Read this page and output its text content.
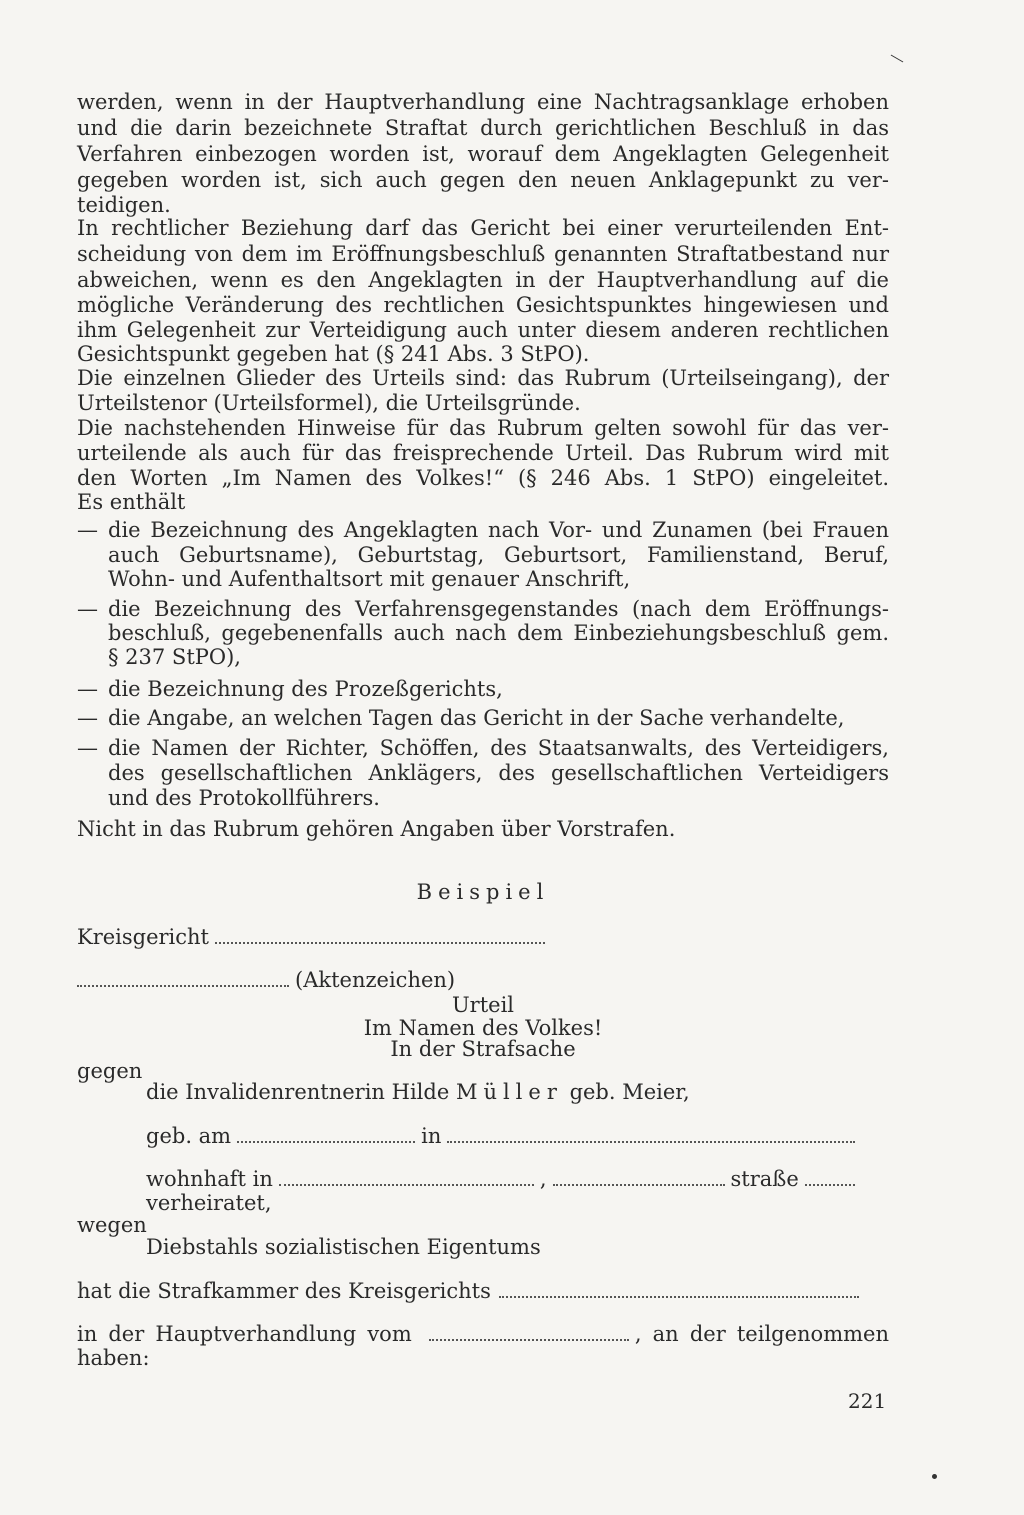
werden, wenn in der Hauptverhandlung eine Nachtragsanklage erhoben
und die darin bezeichnete Straftat durch gerichtlichen Beschluß in das
Verfahren einbezogen worden ist, worauf dem Angeklagten Gelegenheit
gegeben worden ist, sich auch gegen den neuen Anklagepunkt zu ver-
teidigen.
In rechtlicher Beziehung darf das Gericht bei einer verurteilenden Ent-
scheidung von dem im Eröffnungsbeschluß genannten Straftatbestand nur
abweichen, wenn es den Angeklagten in der Hauptverhandlung auf die
mögliche Veränderung des rechtlichen Gesichtspunktes hingewiesen und
ihm Gelegenheit zur Verteidigung auch unter diesem anderen rechtlichen
Gesichtspunkt gegeben hat (§ 241 Abs. 3 StPO).
Die einzelnen Glieder des Urteils sind: das Rubrum (Urteilseingang), der
Urteilstenor (Urteilsformel), die Urteilsgründe.
Die nachstehenden Hinweise für das Rubrum gelten sowohl für das ver-
urteilende als auch für das freisprechende Urteil. Das Rubrum wird mit
den Worten „Im Namen des Volkes!“ (§ 246 Abs. 1 StPO) eingeleitet.
Es enthält
— die Bezeichnung des Angeklagten nach Vor- und Zunamen (bei Frauen
auch Geburtsname), Geburtstag, Geburtsort, Familienstand, Beruf,
Wohn- und Aufenthaltsort mit genauer Anschrift,
— die Bezeichnung des Verfahrensgegenstandes (nach dem Eröffnungs-
beschluß, gegebenenfalls auch nach dem Einbeziehungsbeschluß gem.
§ 237 StPO),
— die Bezeichnung des Prozeßgerichts,
— die Angabe, an welchen Tagen das Gericht in der Sache verhandelte,
— die Namen der Richter, Schöffen, des Staatsanwalts, des Verteidigers,
des gesellschaftlichen Anklägers, des gesellschaftlichen Verteidigers
und des Protokollführers.
Nicht in das Rubrum gehören Angaben über Vorstrafen.
Beispiel
Kreisgericht
(Aktenzeichen)
Urteil
Im Namen des Volkes!
In der Strafsache
gegen
die Invalidenrentnerin Hilde Müller geb. Meier,
geb. am	in
wohnhaft in	,	straße
verheiratet,
wegen
Diebstahls sozialistischen Eigentums
hat die Strafkammer des Kreisgerichts
in der Hauptverhandlung vom	, an der teilgenommen
haben:
221
